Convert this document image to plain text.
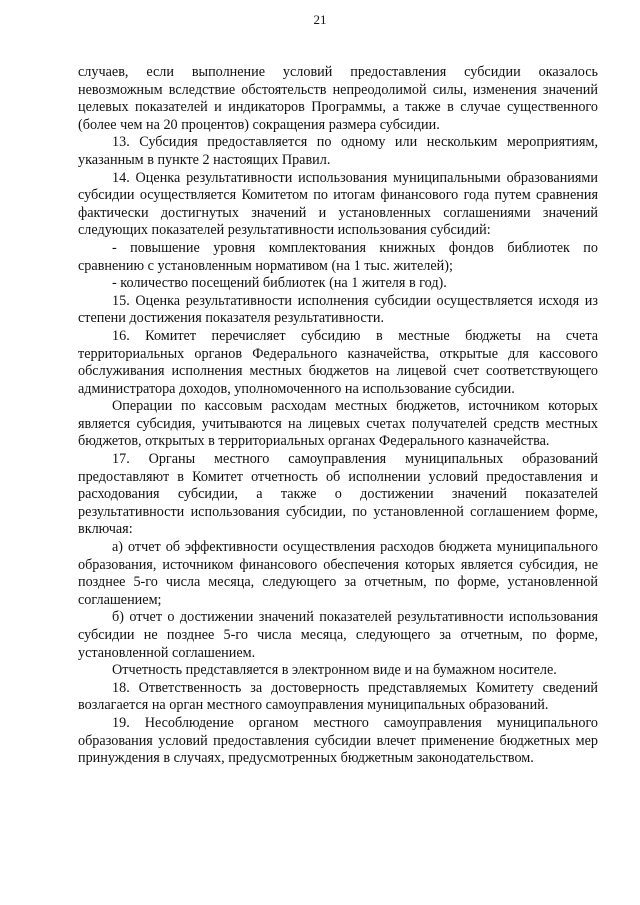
21

случаев, если выполнение условий предоставления субсидии оказалось невозможным вследствие обстоятельств непреодолимой силы, изменения значений целевых показателей и индикаторов Программы, а также в случае существенного (более чем на 20 процентов) сокращения размера субсидии.

13. Субсидия предоставляется по одному или нескольким мероприятиям, указанным в пункте 2 настоящих Правил.

14. Оценка результативности использования муниципальными образованиями субсидии осуществляется Комитетом по итогам финансового года путем сравнения фактически достигнутых значений и установленных соглашениями значений следующих показателей результативности использования субсидий:

- повышение уровня комплектования книжных фондов библиотек по сравнению с установленным нормативом (на 1 тыс. жителей);

- количество посещений библиотек (на 1 жителя в год).

15. Оценка результативности исполнения субсидии осуществляется исходя из степени достижения показателя результативности.

16. Комитет перечисляет субсидию в местные бюджеты на счета территориальных органов Федерального казначейства, открытые для кассового обслуживания исполнения местных бюджетов на лицевой счет соответствующего администратора доходов, уполномоченного на использование субсидии.

Операции по кассовым расходам местных бюджетов, источником которых является субсидия, учитываются на лицевых счетах получателей средств местных бюджетов, открытых в территориальных органах Федерального казначейства.

17. Органы местного самоуправления муниципальных образований предоставляют в Комитет отчетность об исполнении условий предоставления и расходования субсидии, а также о достижении значений показателей результативности использования субсидии, по установленной соглашением форме, включая:

а) отчет об эффективности осуществления расходов бюджета муниципального образования, источником финансового обеспечения которых является субсидия, не позднее 5-го числа месяца, следующего за отчетным, по форме, установленной соглашением;

б) отчет о достижении значений показателей результативности использования субсидии не позднее 5-го числа месяца, следующего за отчетным, по форме, установленной соглашением.

Отчетность представляется в электронном виде и на бумажном носителе.

18. Ответственность за достоверность представляемых Комитету сведений возлагается на орган местного самоуправления муниципальных образований.

19. Несоблюдение органом местного самоуправления муниципального образования условий предоставления субсидии влечет применение бюджетных мер принуждения в случаях, предусмотренных бюджетным законодательством.
